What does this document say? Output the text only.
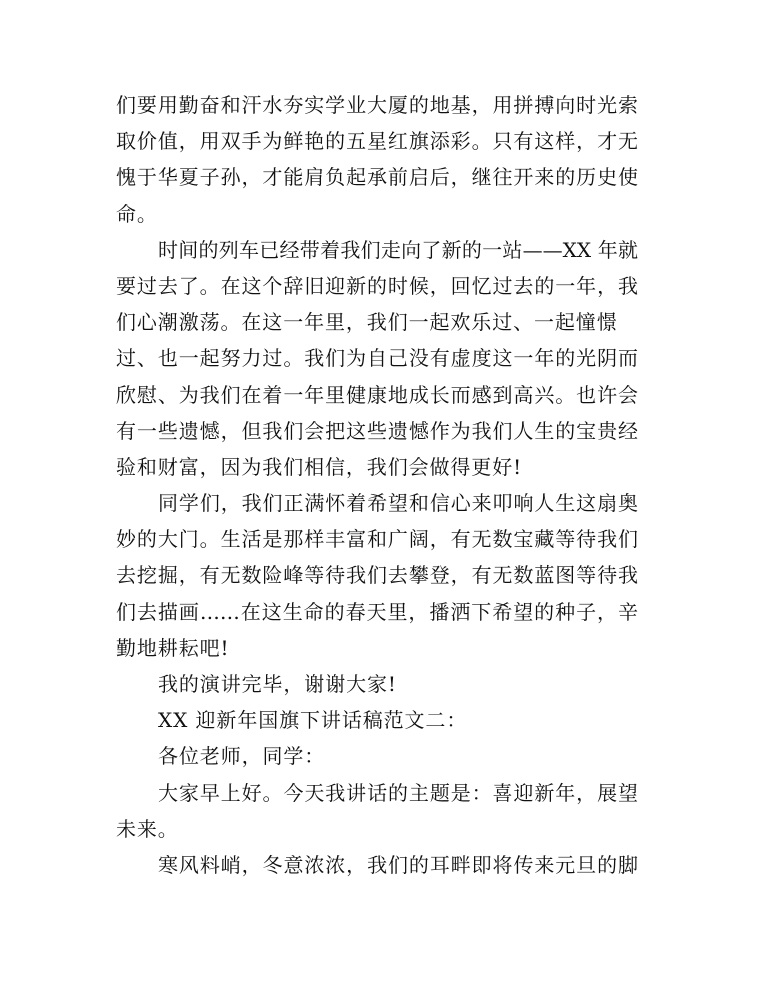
们要用勤奋和汗水夯实学业大厦的地基，用拼搏向时光索
取价值，用双手为鲜艳的五星红旗添彩。只有这样，才无
愧于华夏子孙，才能肩负起承前启后，继往开来的历史使
命。
时间的列车已经带着我们走向了新的一站——XX 年就
要过去了。在这个辞旧迎新的时候，回忆过去的一年，我
们心潮激荡。在这一年里，我们一起欢乐过、一起憧憬
过、也一起努力过。我们为自己没有虚度这一年的光阴而
欣慰、为我们在着一年里健康地成长而感到高兴。也许会
有一些遗憾，但我们会把这些遗憾作为我们人生的宝贵经
验和财富，因为我们相信，我们会做得更好!
同学们，我们正满怀着希望和信心来叩响人生这扇奥
妙的大门。生活是那样丰富和广阔，有无数宝藏等待我们
去挖掘，有无数险峰等待我们去攀登，有无数蓝图等待我
们去描画……在这生命的春天里，播洒下希望的种子，辛
勤地耕耘吧!
我的演讲完毕，谢谢大家!
XX 迎新年国旗下讲话稿范文二：
各位老师，同学：
大家早上好。今天我讲话的主题是：喜迎新年，展望
未来。
寒风料峭，冬意浓浓，我们的耳畔即将传来元旦的脚
